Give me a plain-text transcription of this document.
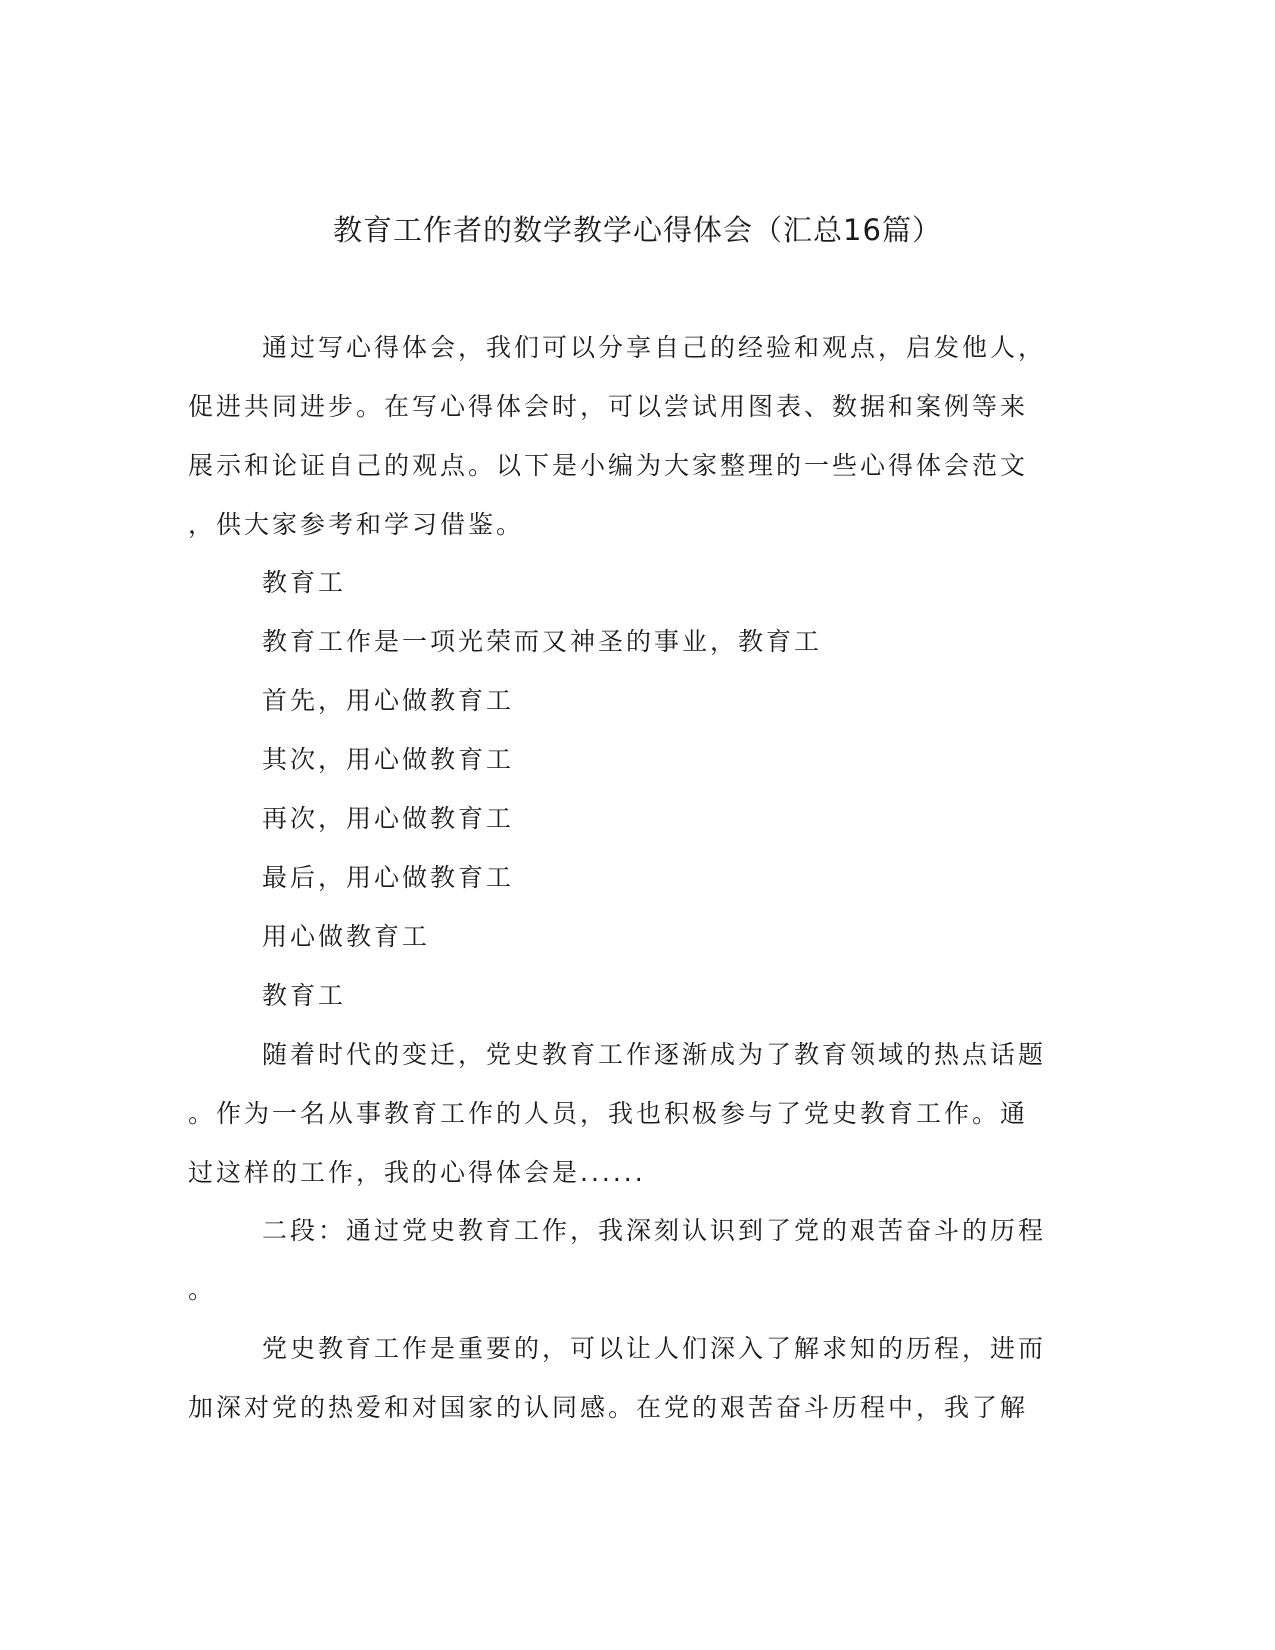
教育工作者的数学教学心得体会（汇总16篇）
通过写心得体会，我们可以分享自己的经验和观点，启发他人，
促进共同进步。在写心得体会时，可以尝试用图表、数据和案例等来
展示和论证自己的观点。以下是小编为大家整理的一些心得体会范文
，供大家参考和学习借鉴。
教育工
教育工作是一项光荣而又神圣的事业，教育工
首先，用心做教育工
其次，用心做教育工
再次，用心做教育工
最后，用心做教育工
用心做教育工
教育工
随着时代的变迁，党史教育工作逐渐成为了教育领域的热点话题
。作为一名从事教育工作的人员，我也积极参与了党史教育工作。通
过这样的工作，我的心得体会是......
二段：通过党史教育工作，我深刻认识到了党的艰苦奋斗的历程
。
党史教育工作是重要的，可以让人们深入了解求知的历程，进而
加深对党的热爱和对国家的认同感。在党的艰苦奋斗历程中，我了解
